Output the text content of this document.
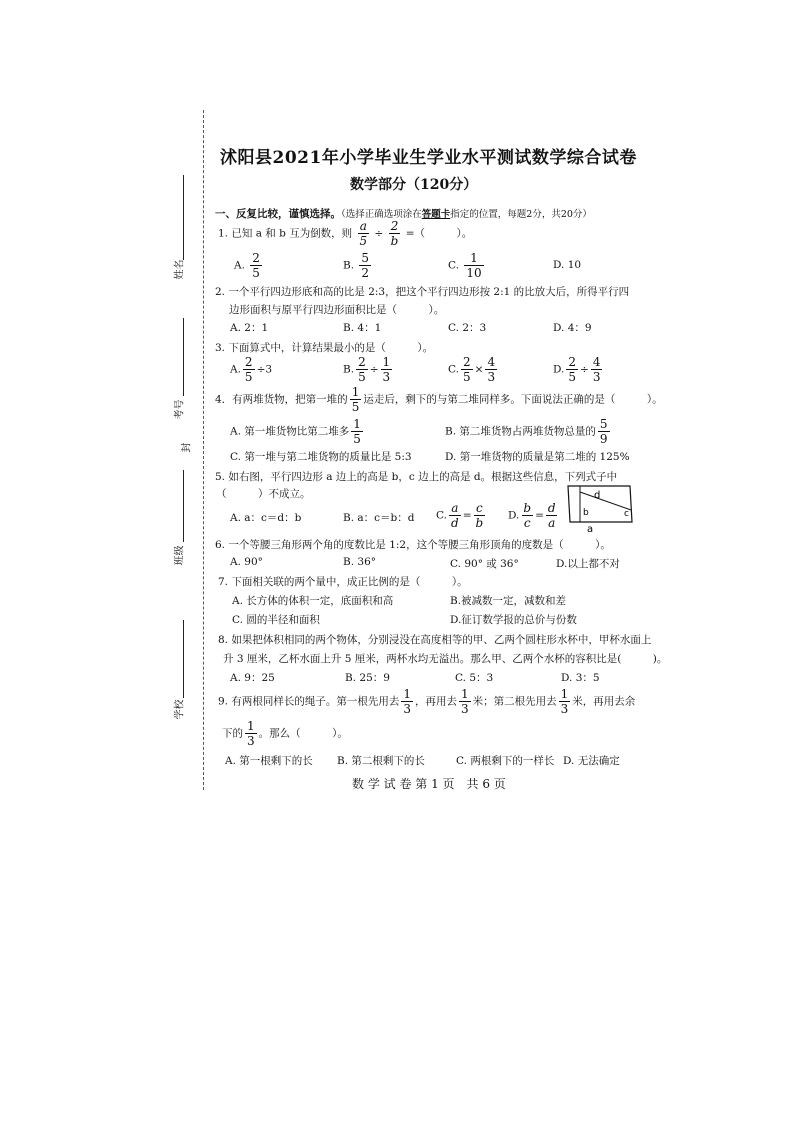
姓名
考号
封
班级
学校
沭阳县2021年小学毕业生学业水平测试数学综合试卷
数学部分（120分）
一、反复比较，谨慎选择。（选择正确选项涂在答题卡指定的位置，每题2分，共20分）
1. 已知 a 和 b 互为倒数，则 $\frac{a}{5} \div \frac{2}{b}$ =（　　　）。
A. $\frac{2}{5}$	B. $\frac{5}{2}$	C. $\frac{1}{10}$	D. 10
2. 一个平行四边形底和高的比是 2:3，把这个平行四边形按 2:1 的比放大后，所得平行四
边形面积与原平行四边形面积比是（　　　）。
A. 2：1	B. 4：1	C. 2：3	D. 4：9
3. 下面算式中，计算结果最小的是（　　　）。
A. $\frac{2}{5} \div 3$	B. $\frac{2}{5} \div \frac{1}{3}$	C. $\frac{2}{5} \times \frac{4}{3}$	D. $\frac{2}{5} \div \frac{4}{3}$
4．有两堆货物，把第一堆的 $\frac{1}{5}$ 运走后，剩下的与第二堆同样多。下面说法正确的是（　　　）。
A. 第一堆货物比第二堆多 $\frac{1}{5}$	B. 第二堆货物占两堆货物总量的 $\frac{5}{9}$
C. 第一堆与第二堆货物的质量比是 5:3	D. 第一堆货物的质量是第二堆的 125%
5. 如右图，平行四边形 a 边上的高是 b，c 边上的高是 d。根据这些信息，下列式子中
（　　　）不成立。
A. a：c＝d：b	B. a：c＝b：d C. $\frac{a}{d} = \frac{c}{b} D$. $\frac{b}{c} = \frac{d}{a}$
d
b	c
a
6. 一个等腰三角形两个角的度数比是 1:2，这个等腰三角形顶角的度数是（　　　）。
A. 90°	B. 36°	C. 90° 或 36°	D.以上都不对
7. 下面相关联的两个量中，成正比例的是（　　　）。
A. 长方体的体积一定，底面积和高	B.被减数一定，减数和差
C. 圆的半径和面积	D.征订数学报的总价与份数
8. 如果把体积相同的两个物体，分别浸没在高度相等的甲、乙两个圆柱形水杯中，甲杯水面上
升 3 厘米，乙杯水面上升 5 厘米，两杯水均无溢出。那么甲、乙两个水杯的容积比是(　　　)。
A. 9：25	B. 25：9	C. 5：3	D. 3：5
9. 有两根同样长的绳子。第一根先用去 $\frac{1}{3}$ ，再用去 $\frac{1}{3}$ 米；第二根先用去 $\frac{1}{3}$ 米，再用去余
下的 $\frac{1}{3}$ 。那么（　　　）。
A. 第一根剩下的长 B. 第二根剩下的长	C. 两根剩下的一样长 D. 无法确定
数 学 试 卷 第 1 页　共 6 页
